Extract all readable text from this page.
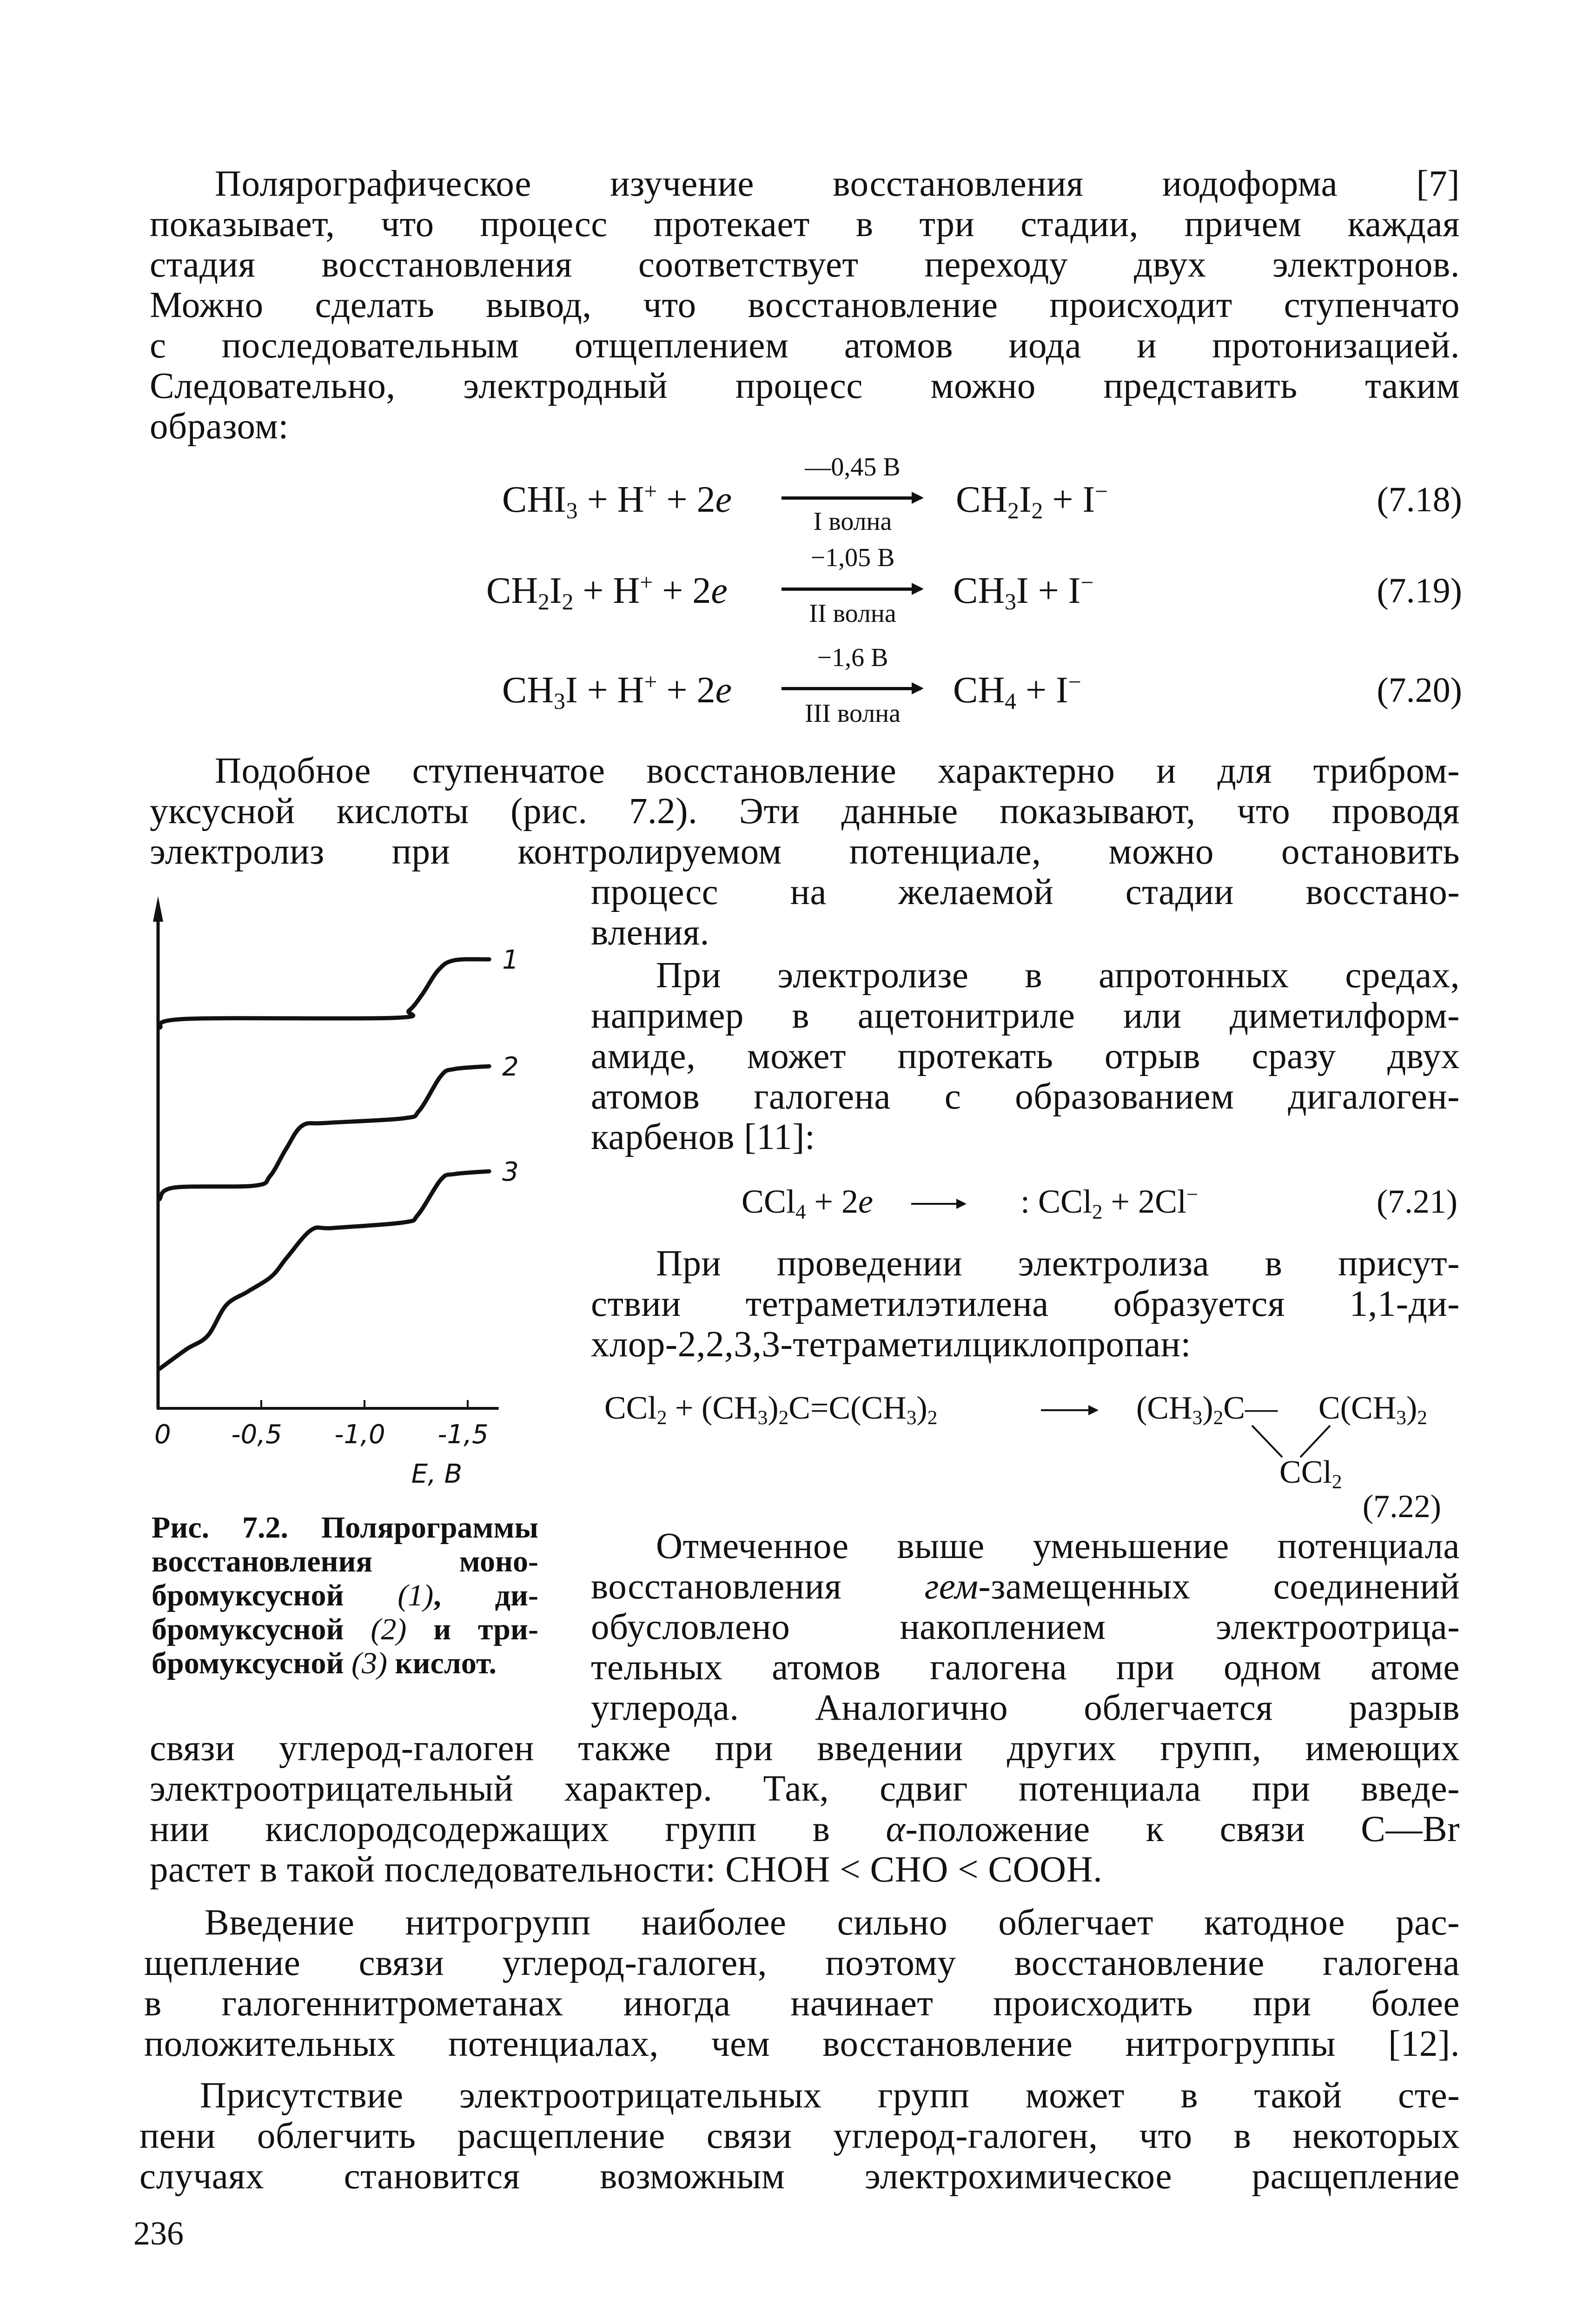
Полярографическое изучение восстановления иодоформа [7]
показывает, что процесс протекает в три стадии, причем каждая
стадия восстановления соответствует переходу двух электронов.
Можно сделать вывод, что восстановление происходит ступенчато
с последовательным отщеплением атомов иода и протонизацией.
Следовательно, электродный процесс можно представить таким
образом:
$CHI_3 + H^+ + 2e$
—0,45 В
I волна
$CH_2I_2 + I^-$	(7.18)
$CH_2I_2 + H^+ + 2e$
−1,05 В
II волна
$CH_3I + I^-$	(7.19)
$CH_3I + H^+ + 2e$
−1,6 В
III волна
$CH_4 + I^-$	(7.20)
Подобное ступенчатое восстановление характерно и для трибром-
уксусной кислоты (рис. 7.2). Эти данные показывают, что проводя
электролиз при контролируемом потенциале, можно остановить
процесс на желаемой стадии восстано-
вления.
0 -0,5 -1,0 -1,5
E, В
1
2
3
Рис. 7.2. Полярограммы
восстановления моно-
бромуксусной (1), ди-
бромуксусной (2) и три-
бромуксусной (3) кислот.
При электролизе в апротонных средах,
например в ацетонитриле или диметилформ-
амиде, может протекать отрыв сразу двух
атомов галогена с образованием дигалоген-
карбенов [11]:
CCl$_4$ + 2e	: CCl$_2$ + 2Cl−	(7.21)
При проведении электролиза в присут-
ствии тетраметилэтилена образуется 1,1-ди-
хлор-2,2,3,3-тетраметилциклопропан:
$CCl_2 + (CH_3)_2C=C(CH_3)_2$	$(CH_3)_2C—$ $C(CH_3)_2$
CCl$_2$
(7.22)
Отмеченное выше уменьшение потенциала
восстановления гем-замещенных соединений
обусловлено накоплением электроотрица-
тельных атомов галогена при одном атоме
углерода. Аналогично облегчается разрыв
связи углерод-галоген также при введении других групп, имеющих
электроотрицательный характер. Так, сдвиг потенциала при введе-
нии кислородсодержащих групп в α-положение к связи C—Br
растет в такой последовательности: CHOH < CHO < COOH.
Введение нитрогрупп наиболее сильно облегчает катодное рас-
щепление связи углерод-галоген, поэтому восстановление галогена
в галогеннитрометанах иногда начинает происходить при более
положительных потенциалах, чем восстановление нитрогруппы [12].
Присутствие электроотрицательных групп может в такой сте-
пени облегчить расщепление связи углерод-галоген, что в некоторых
случаях становится возможным электрохимическое расщепление
236
